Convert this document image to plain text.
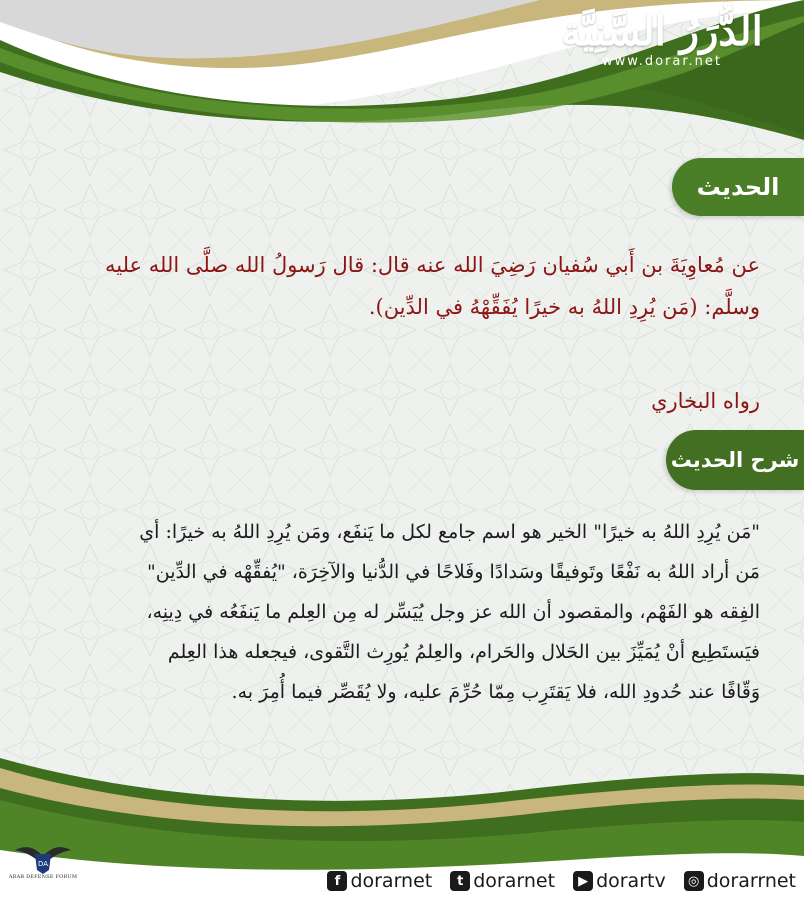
الدُّرَرُ السَّنِيَّة
www.dorar.net
الحديث

عن مُعاوِيَةَ بن أَبي سُفيان رَضِيَ الله عنه قال: قال رَسولُ الله صلَّى الله عليه

وسلَّم: (مَن يُرِدِ اللهُ به خيرًا يُفَقِّهْهُ في الدِّين).

رواه البخاري

شرح الحديث

"مَن يُرِدِ اللهُ به خيرًا" الخير هو اسم جامع لكل ما يَنفَع، ومَن يُرِدِ اللهُ به خيرًا: أي

مَن أراد اللهُ به نَفْعًا وتَوفيقًا وسَدادًا وفَلاحًا في الدُّنيا والآخِرَة، "يُفقِّهْه في الدِّين"

الفِقه هو الفَهْم، والمقصود أن الله عز وجل يُيَسِّر له مِن العِلم ما يَنفَعُه في دِينِه،

فيَستَطِيع أنْ يُمَيِّزَ بين الحَلال والحَرام، والعِلمُ يُورِث التَّقوى، فيجعله هذا العِلم

وَقّافًا عند حُدودِ الله، فلا يَقتَرِب مِمّا حُرِّمَ عليه، ولا يُقَصِّر فيما أُمِرَ به.

f dorarnet	t dorarnet	▶ dorartv	◎ dorarrnet
DA
ARAB DEFENSE FORUM
